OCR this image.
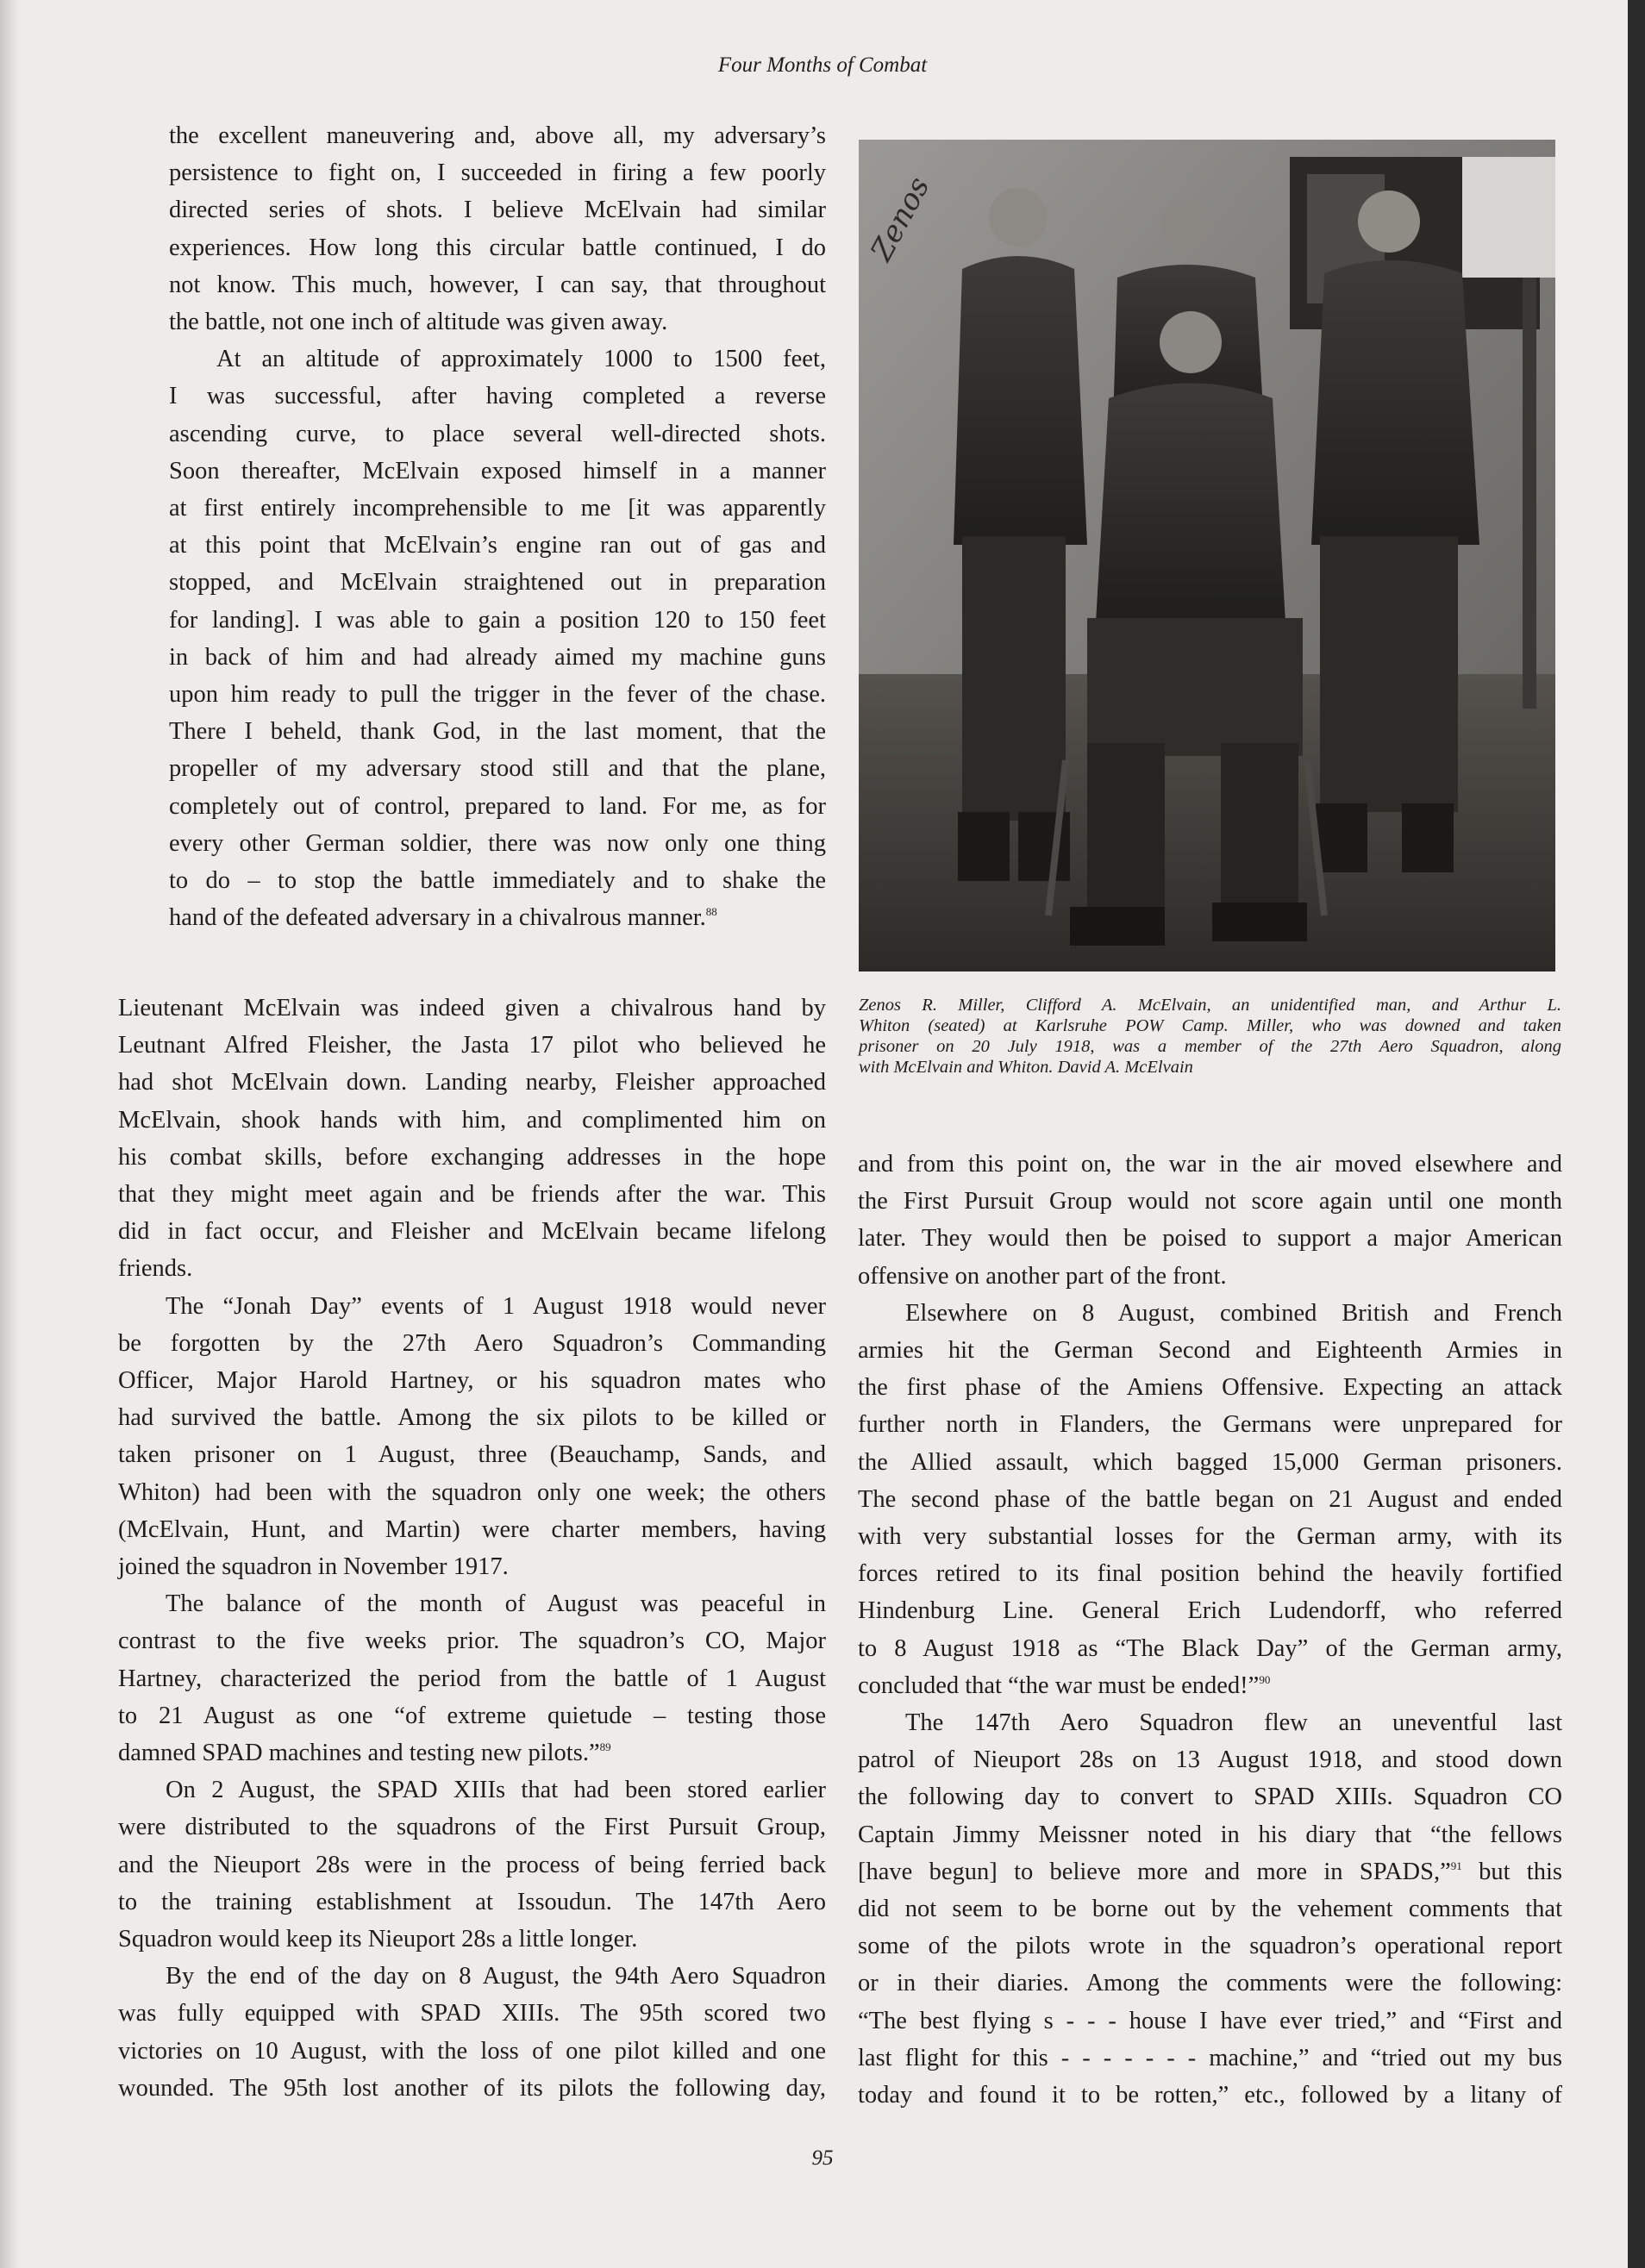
Four Months of Combat
the excellent maneuvering and, above all, my adversary’s
persistence to fight on, I succeeded in firing a few poorly
directed series of shots. I believe McElvain had similar
experiences. How long this circular battle continued, I do
not know. This much, however, I can say, that throughout
the battle, not one inch of altitude was given away.
At an altitude of approximately 1000 to 1500 feet,
I was successful, after having completed a reverse
ascending curve, to place several well-directed shots.
Soon thereafter, McElvain exposed himself in a manner
at first entirely incomprehensible to me [it was apparently
at this point that McElvain’s engine ran out of gas and
stopped, and McElvain straightened out in preparation
for landing]. I was able to gain a position 120 to 150 feet
in back of him and had already aimed my machine guns
upon him ready to pull the trigger in the fever of the chase.
There I beheld, thank God, in the last moment, that the
propeller of my adversary stood still and that the plane,
completely out of control, prepared to land. For me, as for
every other German soldier, there was now only one thing
to do – to stop the battle immediately and to shake the
hand of the defeated adversary in a chivalrous manner.$^{88}$
Zenos
Zenos R. Miller, Clifford A. McElvain, an unidentified man, and Arthur L.
Whiton (seated) at Karlsruhe POW Camp. Miller, who was downed and taken
prisoner on 20 July 1918, was a member of the 27th Aero Squadron, along
with McElvain and Whiton. David A. McElvain
Lieutenant McElvain was indeed given a chivalrous hand by
Leutnant Alfred Fleisher, the Jasta 17 pilot who believed he
had shot McElvain down. Landing nearby, Fleisher approached
McElvain, shook hands with him, and complimented him on
his combat skills, before exchanging addresses in the hope
that they might meet again and be friends after the war. This
did in fact occur, and Fleisher and McElvain became lifelong
friends.
The “Jonah Day” events of 1 August 1918 would never
be forgotten by the 27th Aero Squadron’s Commanding
Officer, Major Harold Hartney, or his squadron mates who
had survived the battle. Among the six pilots to be killed or
taken prisoner on 1 August, three (Beauchamp, Sands, and
Whiton) had been with the squadron only one week; the others
(McElvain, Hunt, and Martin) were charter members, having
joined the squadron in November 1917.
The balance of the month of August was peaceful in
contrast to the five weeks prior. The squadron’s CO, Major
Hartney, characterized the period from the battle of 1 August
to 21 August as one “of extreme quietude – testing those
damned SPAD machines and testing new pilots.”$^{89}$
On 2 August, the SPAD XIIIs that had been stored earlier
were distributed to the squadrons of the First Pursuit Group,
and the Nieuport 28s were in the process of being ferried back
to the training establishment at Issoudun. The 147th Aero
Squadron would keep its Nieuport 28s a little longer.
By the end of the day on 8 August, the 94th Aero Squadron
was fully equipped with SPAD XIIIs. The 95th scored two
victories on 10 August, with the loss of one pilot killed and one
wounded. The 95th lost another of its pilots the following day,
and from this point on, the war in the air moved elsewhere and
the First Pursuit Group would not score again until one month
later. They would then be poised to support a major American
offensive on another part of the front.
Elsewhere on 8 August, combined British and French
armies hit the German Second and Eighteenth Armies in
the first phase of the Amiens Offensive. Expecting an attack
further north in Flanders, the Germans were unprepared for
the Allied assault, which bagged 15,000 German prisoners.
The second phase of the battle began on 21 August and ended
with very substantial losses for the German army, with its
forces retired to its final position behind the heavily fortified
Hindenburg Line. General Erich Ludendorff, who referred
to 8 August 1918 as “The Black Day” of the German army,
concluded that “the war must be ended!”$^{90}$
The 147th Aero Squadron flew an uneventful last
patrol of Nieuport 28s on 13 August 1918, and stood down
the following day to convert to SPAD XIIIs. Squadron CO
Captain Jimmy Meissner noted in his diary that “the fellows
[have begun] to believe more and more in SPADS,”$^{91}$ but this
did not seem to be borne out by the vehement comments that
some of the pilots wrote in the squadron’s operational report
or in their diaries. Among the comments were the following:
“The best flying s - - - house I have ever tried,” and “First and
last flight for this - - - - - - - machine,” and “tried out my bus
today and found it to be rotten,” etc., followed by a litany of
95
